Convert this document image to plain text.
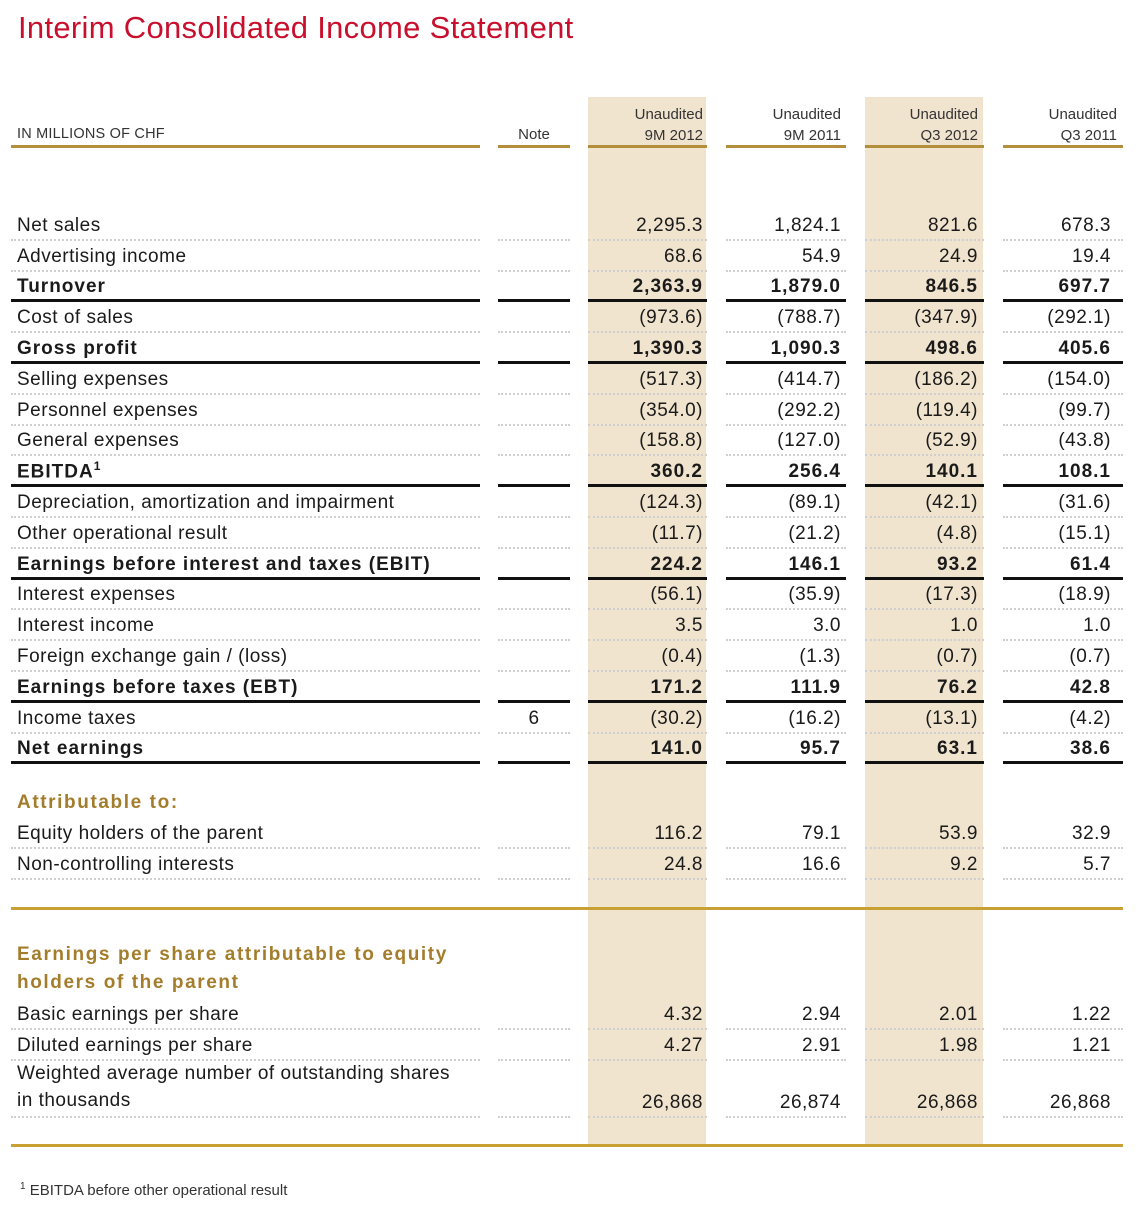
Interim Consolidated Income Statement
Unaudited
9M 2012
Unaudited
9M 2011
Unaudited
Q3 2012
Unaudited
Q3 2011
IN MILLIONS OF CHF	Note
Net sales	2,295.3	1,824.1	821.6	678.3
Advertising income	68.6	54.9	24.9	19.4
Turnover	2,363.9	1,879.0	846.5	697.7
Cost of sales	(973.6)	(788.7)	(347.9)	(292.1)
Gross profit	1,390.3	1,090.3	498.6	405.6
Selling expenses	(517.3)	(414.7)	(186.2)	(154.0)
Personnel expenses	(354.0)	(292.2)	(119.4)	(99.7)
General expenses	(158.8)	(127.0)	(52.9)	(43.8)
EBITDA$^1$	360.2	256.4	140.1	108.1
Depreciation, amortization and impairment	(124.3)	(89.1)	(42.1)	(31.6)
Other operational result	(11.7)	(21.2)	(4.8)	(15.1)
Earnings before interest and taxes (EBIT)	224.2	146.1	93.2	61.4
Interest expenses	(56.1)	(35.9)	(17.3)	(18.9)
Interest income	3.5	3.0	1.0	1.0
Foreign exchange gain / (loss)	(0.4)	(1.3)	(0.7)	(0.7)
Earnings before taxes (EBT)	171.2	111.9	76.2	42.8
Income taxes	6	(30.2)	(16.2)	(13.1)	(4.2)
Net earnings	141.0	95.7	63.1	38.6
Attributable to:
Equity holders of the parent	116.2	79.1	53.9	32.9
Non-controlling interests	24.8	16.6	9.2	5.7
Earnings per share attributable to equity
holders of the parent
Basic earnings per share	4.32	2.94	2.01	1.22
Diluted earnings per share	4.27	2.91	1.98	1.21
Weighted average number of outstanding shares
in thousands	26,868	26,874	26,868	26,868
$^1$ EBITDA before other operational result
